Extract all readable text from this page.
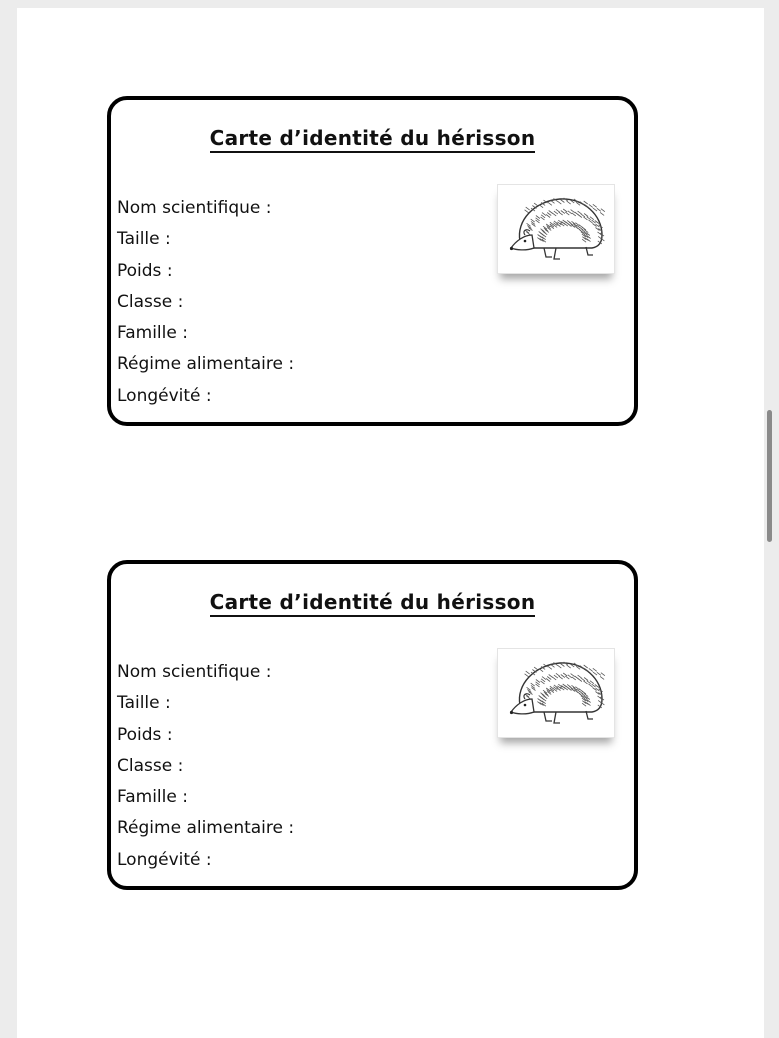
Carte d’identité du hérisson
Nom scientifique :
Taille :
Poids :
Classe :
Famille :
Régime alimentaire :
Longévité :
Carte d’identité du hérisson
Nom scientifique :
Taille :
Poids :
Classe :
Famille :
Régime alimentaire :
Longévité :
